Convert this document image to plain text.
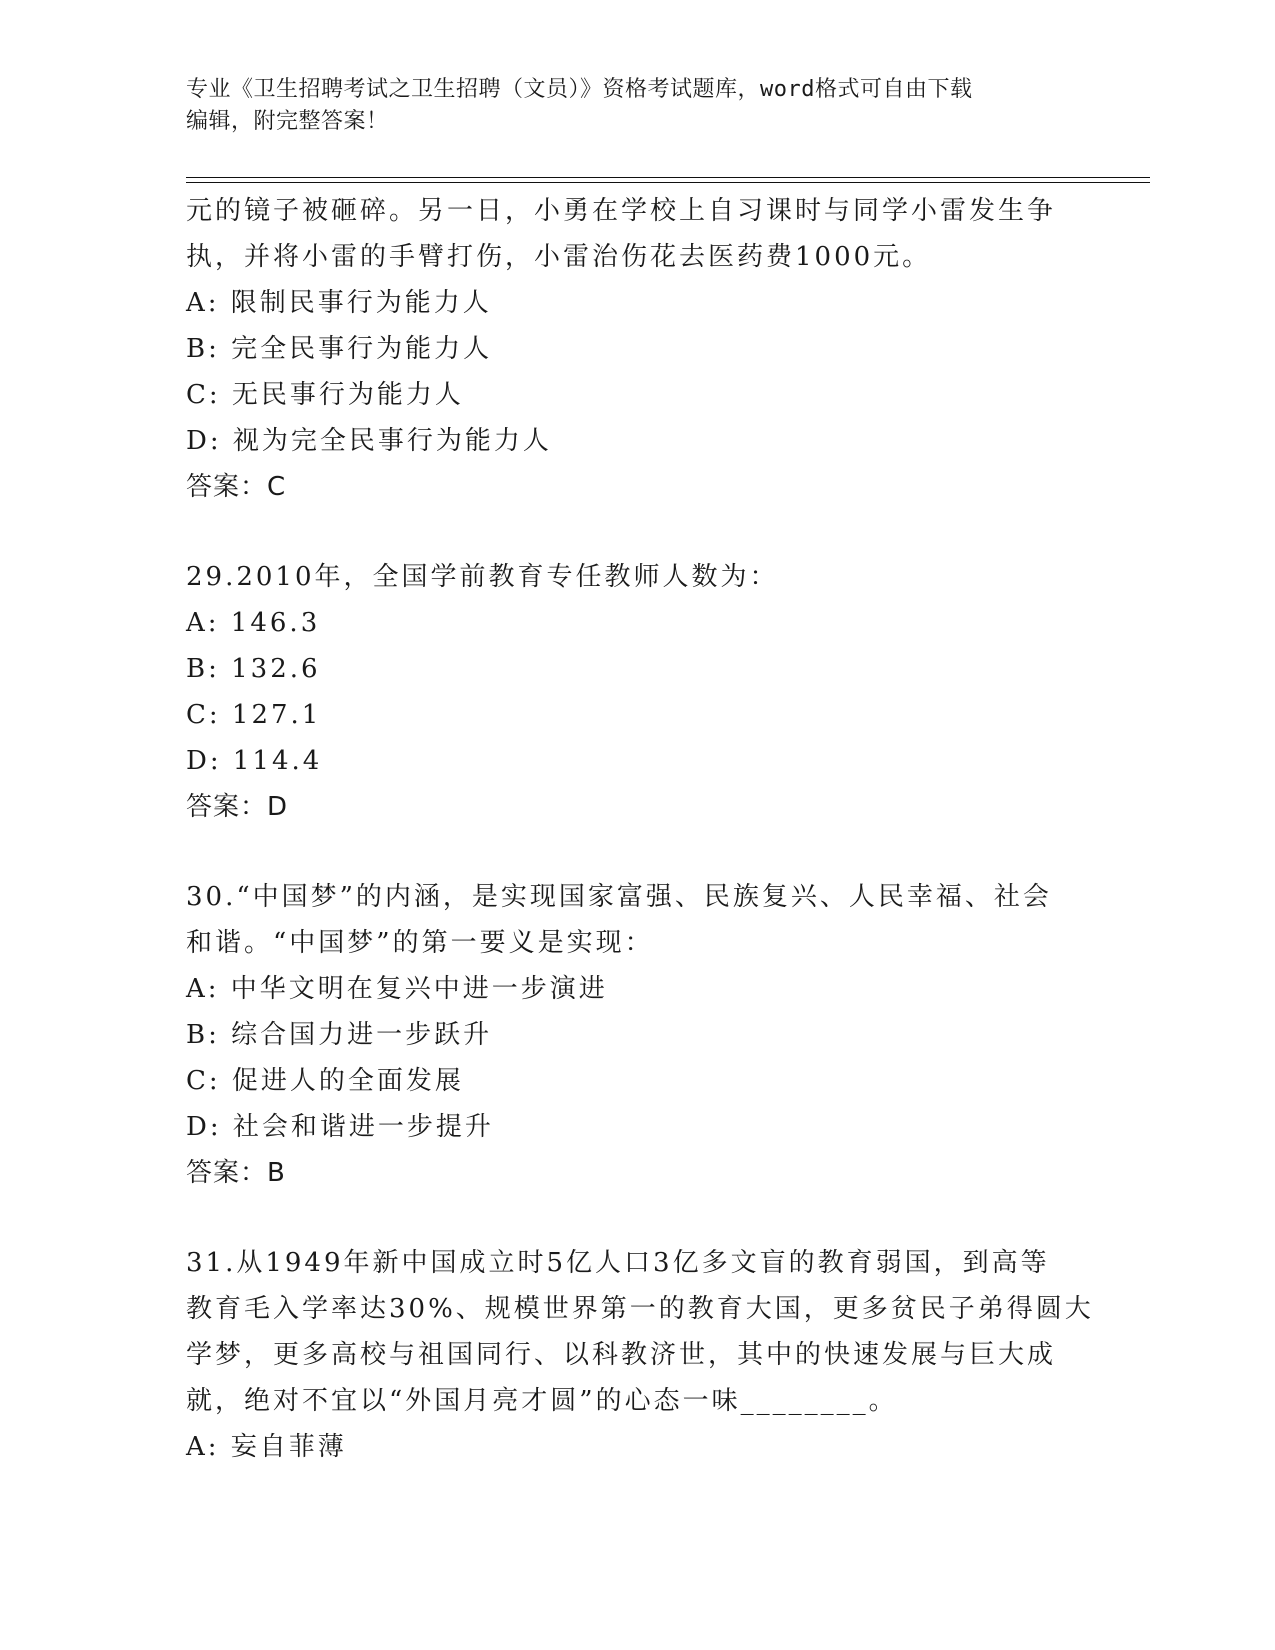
专业《卫生招聘考试之卫生招聘（文员）》资格考试题库，word格式可自由下载
编辑，附完整答案！
元的镜子被砸碎。另一日，小勇在学校上自习课时与同学小雷发生争
执，并将小雷的手臂打伤，小雷治伤花去医药费1000元。
A: 限制民事行为能力人
B: 完全民事行为能力人
C: 无民事行为能力人
D: 视为完全民事行为能力人
答案：C
29.2010年，全国学前教育专任教师人数为：
A: 146.3
B: 132.6
C: 127.1
D: 114.4
答案：D
30.“中国梦”的内涵，是实现国家富强、民族复兴、人民幸福、社会
和谐。“中国梦”的第一要义是实现：
A: 中华文明在复兴中进一步演进
B: 综合国力进一步跃升
C: 促进人的全面发展
D: 社会和谐进一步提升
答案：B
31.从1949年新中国成立时5亿人口3亿多文盲的教育弱国，到高等
教育毛入学率达30%、规模世界第一的教育大国，更多贫民子弟得圆大
学梦，更多高校与祖国同行、以科教济世，其中的快速发展与巨大成
就，绝对不宜以“外国月亮才圆”的心态一味________。
A: 妄自菲薄
